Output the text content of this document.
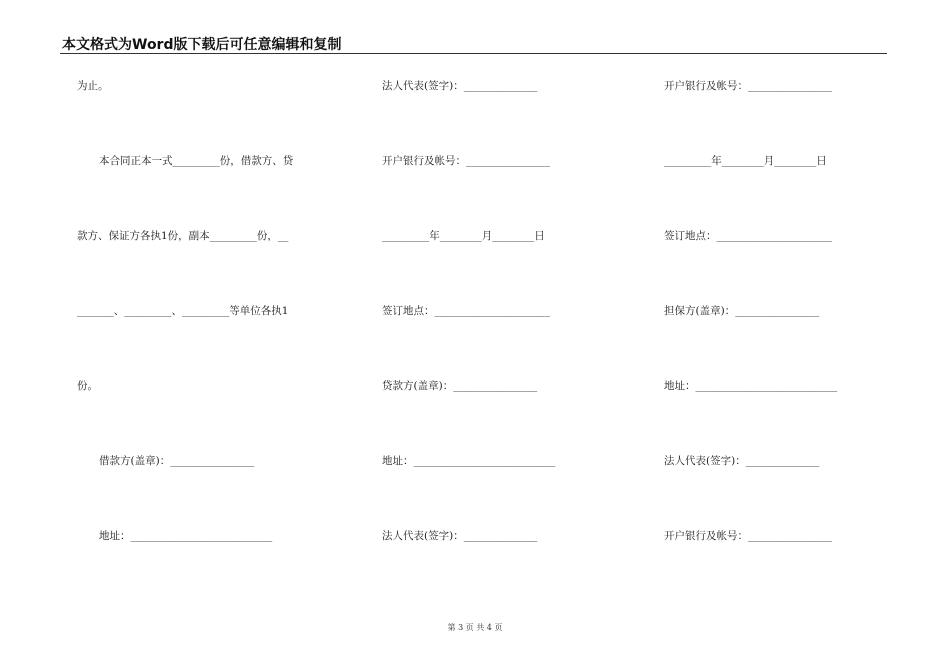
本文格式为Word版下载后可任意编辑和复制
为止。
本合同正本一式_________份，借款方、贷
款方、保证方各执1份，副本_________份，__
_______、_________、_________等单位各执1
份。
借款方(盖章)：________________
地址：___________________________
法人代表(签字)：______________
开户银行及帐号：________________
_________年________月________日
签订地点：______________________
贷款方(盖章)：________________
地址：___________________________
法人代表(签字)：______________
开户银行及帐号：________________
_________年________月________日
签订地点：______________________
担保方(盖章)：________________
地址：___________________________
法人代表(签字)：______________
开户银行及帐号：________________
第 3 页 共 4 页
